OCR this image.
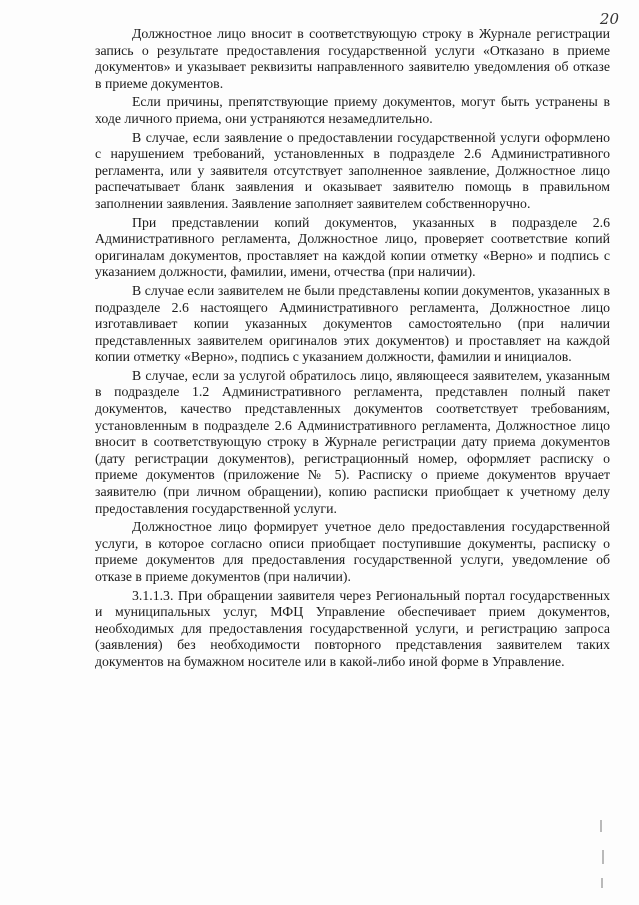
20

Должностное лицо вносит в соответствующую строку в Журнале регистрации запись о результате предоставления государственной услуги «Отказано в приеме документов» и указывает реквизиты направленного заявителю уведомления об отказе в приеме документов.

Если причины, препятствующие приему документов, могут быть устранены в ходе личного приема, они устраняются незамедлительно.

В случае, если заявление о предоставлении государственной услуги оформлено с нарушением требований, установленных в подразделе 2.6 Административного регламента, или у заявителя отсутствует заполненное заявление, Должностное лицо распечатывает бланк заявления и оказывает заявителю помощь в правильном заполнении заявления. Заявление заполняет заявителем собственноручно.

При представлении копий документов, указанных в подразделе 2.6 Административного регламента, Должностное лицо, проверяет соответствие копий оригиналам документов, проставляет на каждой копии отметку «Верно» и подпись с указанием должности, фамилии, имени, отчества (при наличии).

В случае если заявителем не были представлены копии документов, указанных в подразделе 2.6 настоящего Административного регламента, Должностное лицо изготавливает копии указанных документов самостоятельно (при наличии представленных заявителем оригиналов этих документов) и проставляет на каждой копии отметку «Верно», подпись с указанием должности, фамилии и инициалов.

В случае, если за услугой обратилось лицо, являющееся заявителем, указанным в подразделе 1.2 Административного регламента, представлен полный пакет документов, качество представленных документов соответствует требованиям, установленным в подразделе 2.6 Административного регламента, Должностное лицо вносит в соответствующую строку в Журнале регистрации дату приема документов (дату регистрации документов), регистрационный номер, оформляет расписку о приеме документов (приложение № 5). Расписку о приеме документов вручает заявителю (при личном обращении), копию расписки приобщает к учетному делу предоставления государственной услуги.

Должностное лицо формирует учетное дело предоставления государственной услуги, в которое согласно описи приобщает поступившие документы, расписку о приеме документов для предоставления государственной услуги, уведомление об отказе в приеме документов (при наличии).

3.1.1.3. При обращении заявителя через Региональный портал государственных и муниципальных услуг, МФЦ Управление обеспечивает прием документов, необходимых для предоставления государственной услуги, и регистрацию запроса (заявления) без необходимости повторного представления заявителем таких документов на бумажном носителе или в какой-либо иной форме в Управление.
